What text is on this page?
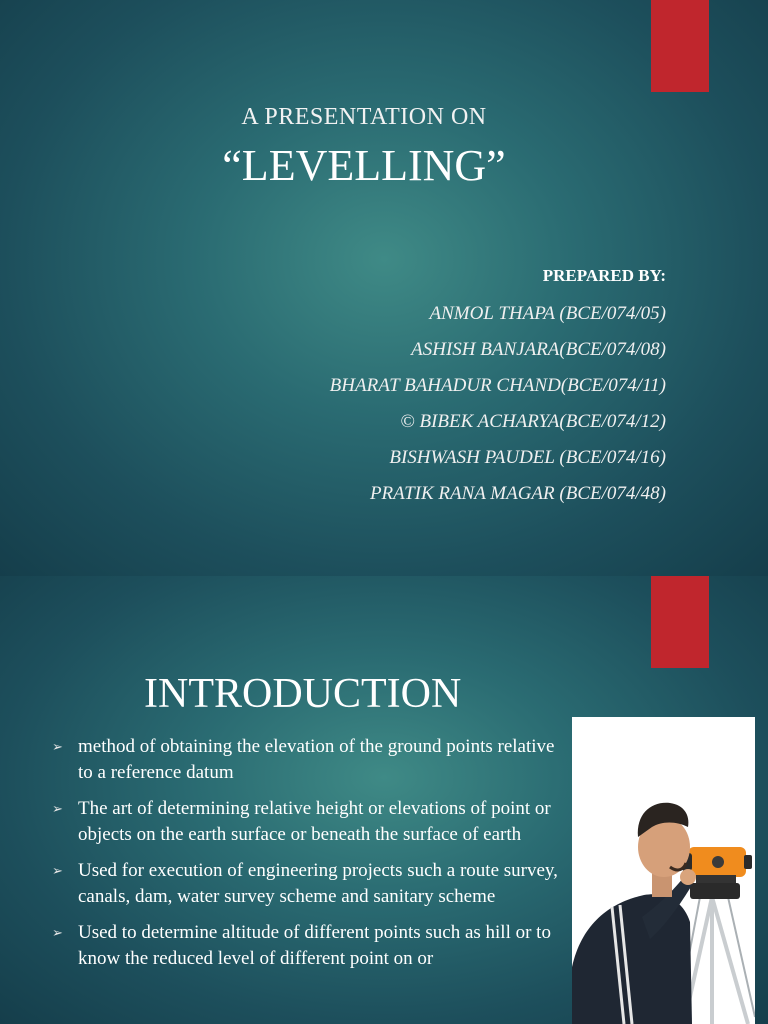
A PRESENTATION ON
“LEVELLING”
PREPARED BY:
ANMOL THAPA (BCE/074/05)
ASHISH BANJARA(BCE/074/08)
BHARAT BAHADUR CHAND(BCE/074/11)
© BIBEK ACHARYA(BCE/074/12)
BISHWASH PAUDEL (BCE/074/16)
PRATIK RANA MAGAR (BCE/074/48)
INTRODUCTION
➢ method of obtaining the elevation of the ground points relative to a reference datum
➢ The art of determining relative height or elevations of point or objects on the earth surface or beneath the surface of earth
➢ Used for execution of engineering projects such a route survey, canals, dam, water survey scheme and sanitary scheme
➢ Used to determine altitude of different points such as hill or to know the reduced level of different point on or
